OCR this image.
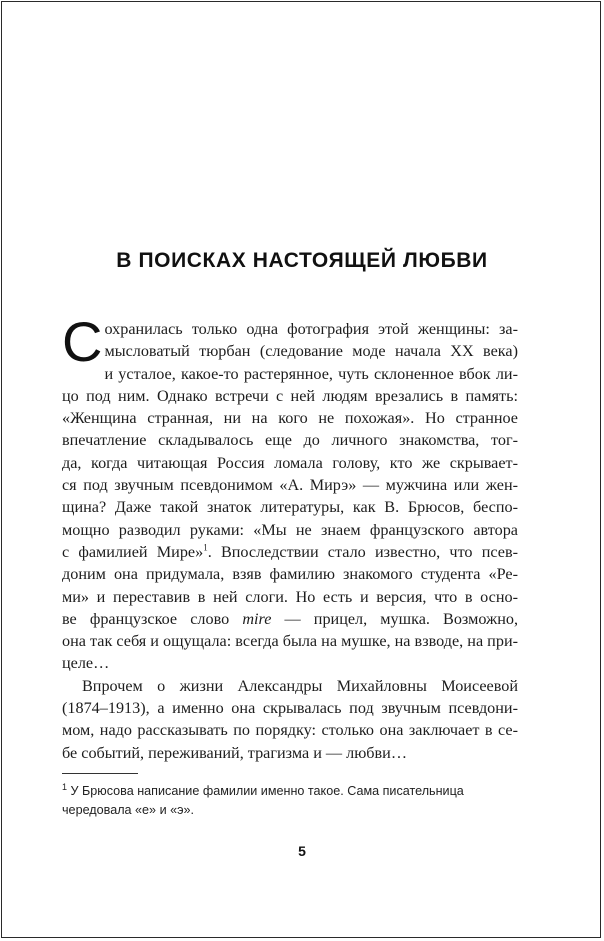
В ПОИСКАХ НАСТОЯЩЕЙ ЛЮБВИ
С охранилась только одна фотография этой женщины: за-
мысловатый тюрбан (следование моде начала XX века)
и усталое, какое-то растерянное, чуть склоненное вбок ли-
цо под ним. Однако встречи с ней людям врезались в память:
«Женщина странная, ни на кого не похожая». Но странное
впечатление складывалось еще до личного знакомства, тог-
да, когда читающая Россия ломала голову, кто же скрывает-
ся под звучным псевдонимом «А. Мирэ» — мужчина или жен-
щина? Даже такой знаток литературы, как В. Брюсов, беспо-
мощно разводил руками: «Мы не знаем французского автора
с фамилией Мире»$^1$. Впоследствии стало известно, что псев-
доним она придумала, взяв фамилию знакомого студента «Ре-
ми» и переставив в ней слоги. Но есть и версия, что в осно-
ве французское слово mire — прицел, мушка. Возможно,
она так себя и ощущала: всегда была на мушке, на взводе, на при-
целе…
Впрочем о жизни Александры Михайловны Моисеевой
(1874–1913), а именно она скрывалась под звучным псевдони-
мом, надо рассказывать по порядку: столько она заключает в се-
бе событий, переживаний, трагизма и — любви…
$^1$ У Брюсова написание фамилии именно такое. Сама писательница
чередовала «е» и «э».
5
